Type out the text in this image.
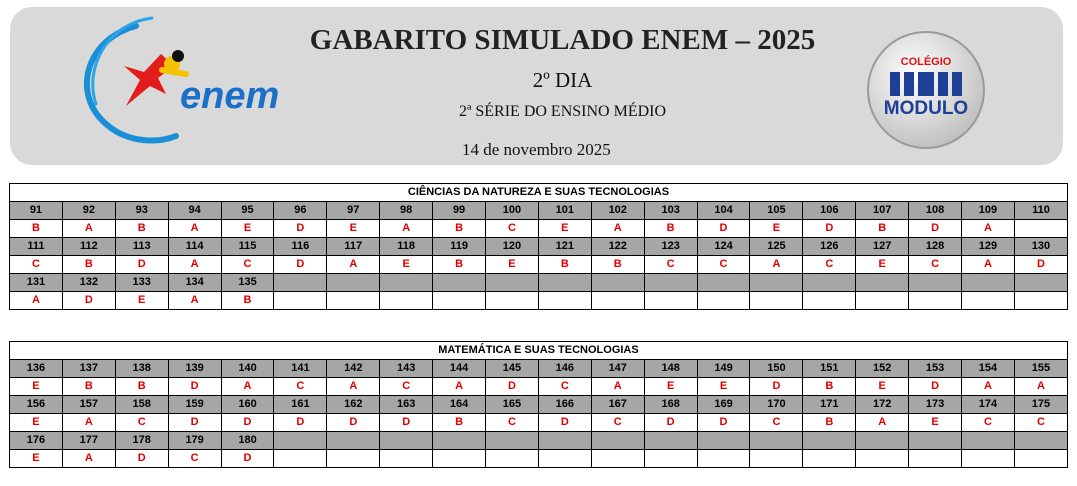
enem
COLÉGIO
MODULO
GABARITO SIMULADO ENEM – 2025
2º DIA
2ª SÉRIE DO ENSINO MÉDIO
14 de novembro 2025
CIÊNCIAS DA NATUREZA E SUAS TECNOLOGIAS																			
91	92	93	94	95	96	97	98	99	100	101	102	103	104	105	106	107	108	109	110
B	A	B	A	E	D	E	A	B	C	E	A	B	D	E	D	B	D	A	
111	112	113	114	115	116	117	118	119	120	121	122	123	124	125	126	127	128	129	130
C	B	D	A	C	D	A	E	B	E	B	B	C	C	A	C	E	C	A	D
131	132	133	134	135															
A	D	E	A	B															
MATEMÁTICA E SUAS TECNOLOGIAS																			
136	137	138	139	140	141	142	143	144	145	146	147	148	149	150	151	152	153	154	155
E	B	B	D	A	C	A	C	A	D	C	A	E	E	D	B	E	D	A	A
156	157	158	159	160	161	162	163	164	165	166	167	168	169	170	171	172	173	174	175
E	A	C	D	D	D	D	D	B	C	D	C	D	D	C	B	A	E	C	C
176	177	178	179	180															
E	A	D	C	D															
